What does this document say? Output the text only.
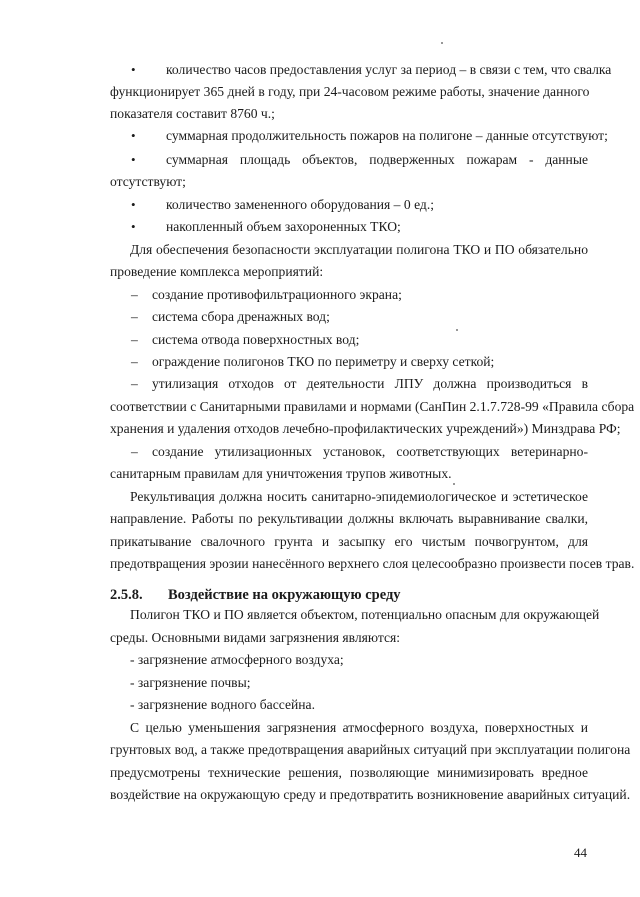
• количество часов предоставления услуг за период – в связи с тем, что свалка
функционирует 365 дней в году, при 24-часовом режиме работы, значение данного
показателя составит 8760 ч.;
• суммарная продолжительность пожаров на полигоне – данные отсутствуют;
• суммарная площадь объектов, подверженных пожарам - данные
отсутствуют;
• количество замененного оборудования – 0 ед.;
• накопленный объем захороненных ТКО;
Для обеспечения безопасности эксплуатации полигона ТКО и ПО обязательно
проведение комплекса мероприятий:
– создание противофильтрационного экрана;
– система сбора дренажных вод;
– система отвода поверхностных вод;
– ограждение полигонов ТКО по периметру и сверху сеткой;
– утилизация отходов от деятельности ЛПУ должна производиться в
соответствии с Санитарными правилами и нормами (СанПин 2.1.7.728-99 «Правила сбора
хранения и удаления отходов лечебно-профилактических учреждений») Минздрава РФ;
– создание утилизационных установок, соответствующих ветеринарно-
санитарным правилам для уничтожения трупов животных.
Рекультивация должна носить санитарно-эпидемиологическое и эстетическое
направление. Работы по рекультивации должны включать выравнивание свалки,
прикатывание свалочного грунта и засыпку его чистым почвогрунтом, для
предотвращения эрозии нанесённого верхнего слоя целесообразно произвести посев трав.
2.5.8. Воздействие на окружающую среду
Полигон ТКО и ПО является объектом, потенциально опасным для окружающей
среды. Основными видами загрязнения являются:
- загрязнение атмосферного воздуха;
- загрязнение почвы;
- загрязнение водного бассейна.
С целью уменьшения загрязнения атмосферного воздуха, поверхностных и
грунтовых вод, а также предотвращения аварийных ситуаций при эксплуатации полигона
предусмотрены технические решения, позволяющие минимизировать вредное
воздействие на окружающую среду и предотвратить возникновение аварийных ситуаций.
44
